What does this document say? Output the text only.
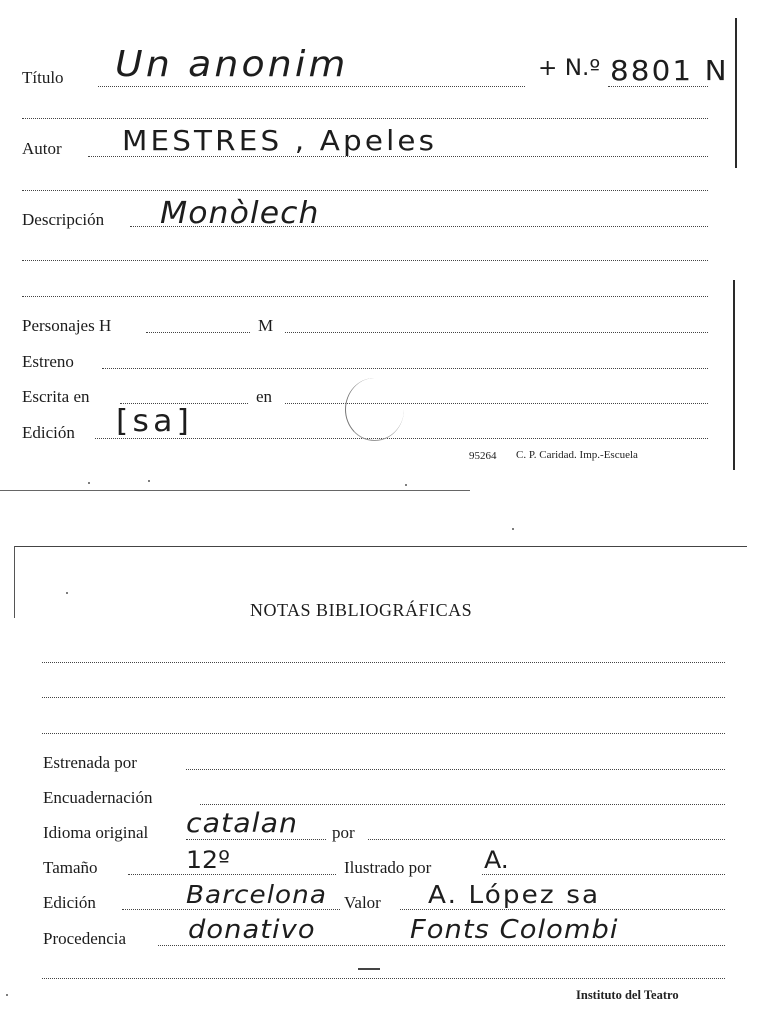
Título Un anonim	+ N.º 8801 N
Autor MESTRES , Apeles
Descripción Monòlech
Personajes H	M
Estreno
Escrita en	en
Edición [sa]
95264 C. P. Caridad. Imp.-Escuela
NOTAS BIBLIOGRÁFICAS
Estrenada por
Encuadernación
Idioma original catalan por
Tamaño	12º	Ilustrado por A.
Edición	Barcelona Valor A. López sa
Procedencia donativo	Fonts Colombi
Instituto del Teatro
